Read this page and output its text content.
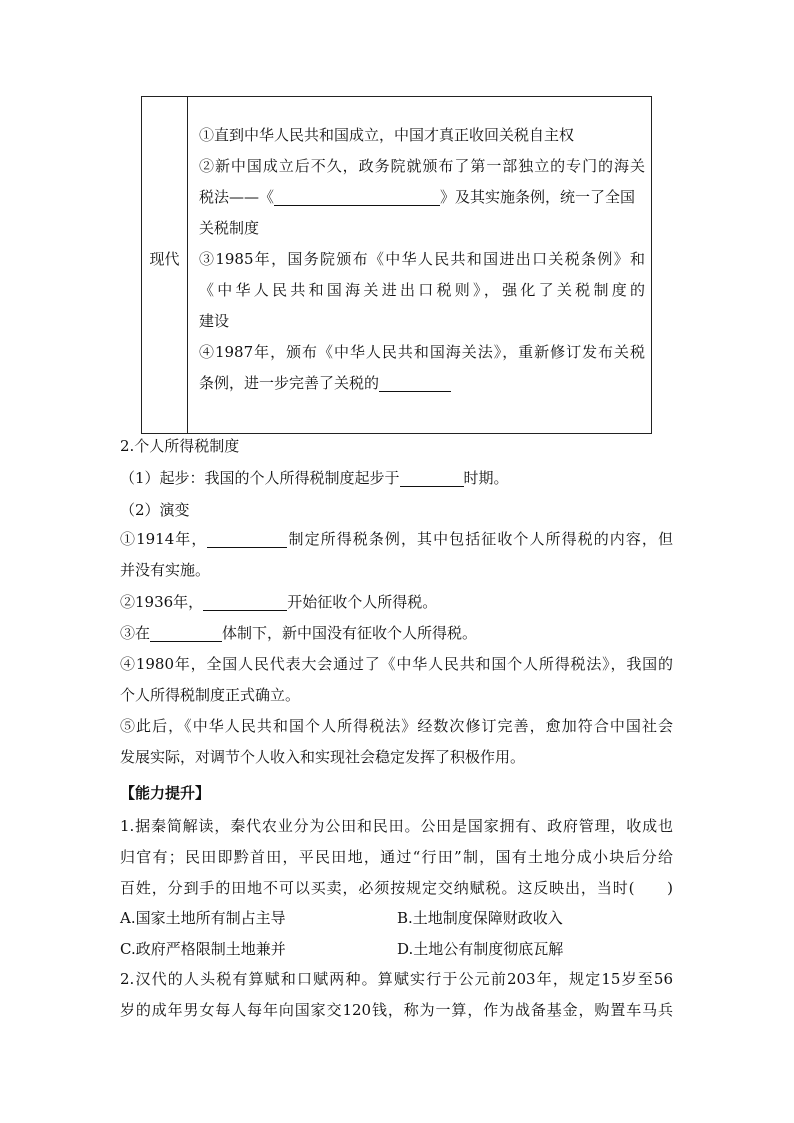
现代
①直到中华人民共和国成立，中国才真正收回关税自主权
②新中国成立后不久，政务院就颁布了第一部独立的专门的海关
税法——《	》及其实施条例，统一了全国
关税制度
③1985年，国务院颁布《中华人民共和国进出口关税条例》和
《中华人民共和国海关进出口税则》，强化了关税制度的
建设
④1987年，颁布《中华人民共和国海关法》，重新修订发布关税
条例，进一步完善了关税的
2.个人所得税制度
（1）起步：我国的个人所得税制度起步于	时期。
（2）演变
①1914年，	制定所得税条例，其中包括征收个人所得税的内容，但
并没有实施。
②1936年，	开始征收个人所得税。
③在	体制下，新中国没有征收个人所得税。
④1980年，全国人民代表大会通过了《中华人民共和国个人所得税法》，我国的
个人所得税制度正式确立。
⑤此后，《中华人民共和国个人所得税法》经数次修订完善，愈加符合中国社会
发展实际，对调节个人收入和实现社会稳定发挥了积极作用。
【能力提升】
1.据秦简解读，秦代农业分为公田和民田。公田是国家拥有、政府管理，收成也
归官有；民田即黔首田，平民田地，通过“行田”制，国有土地分成小块后分给
百姓，分到手的田地不可以买卖，必须按规定交纳赋税。这反映出，当时(　　)
A.国家土地所有制占主导	B.土地制度保障财政收入
C.政府严格限制土地兼并	D.土地公有制度彻底瓦解
2.汉代的人头税有算赋和口赋两种。算赋实行于公元前203年，规定15岁至56
岁的成年男女每人每年向国家交120钱，称为一算，作为战备基金，购置车马兵
